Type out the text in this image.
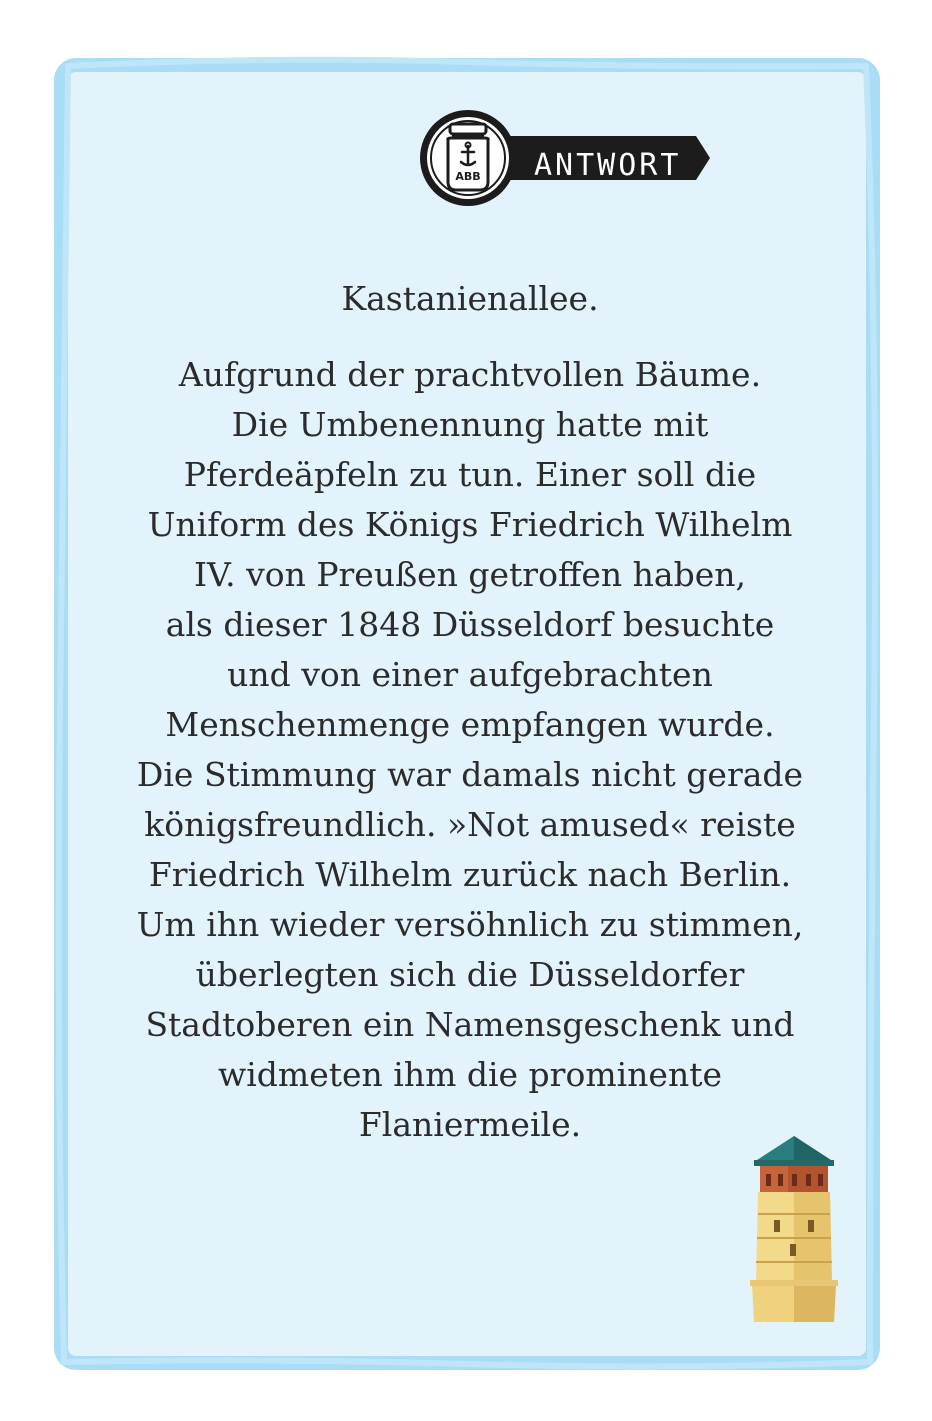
ABB ANTWORT

Kastanienallee.

Aufgrund der prachtvollen Bäume.
Die Umbenennung hatte mit
Pferdeäpfeln zu tun. Einer soll die
Uniform des Königs Friedrich Wilhelm
IV. von Preußen getroffen haben,
als dieser 1848 Düsseldorf besuchte
und von einer aufgebrachten
Menschenmenge empfangen wurde.
Die Stimmung war damals nicht gerade
königsfreundlich. »Not amused« reiste
Friedrich Wilhelm zurück nach Berlin.
Um ihn wieder versöhnlich zu stimmen,
überlegten sich die Düsseldorfer
Stadtoberen ein Namensgeschenk und
widmeten ihm die prominente
Flaniermeile.
